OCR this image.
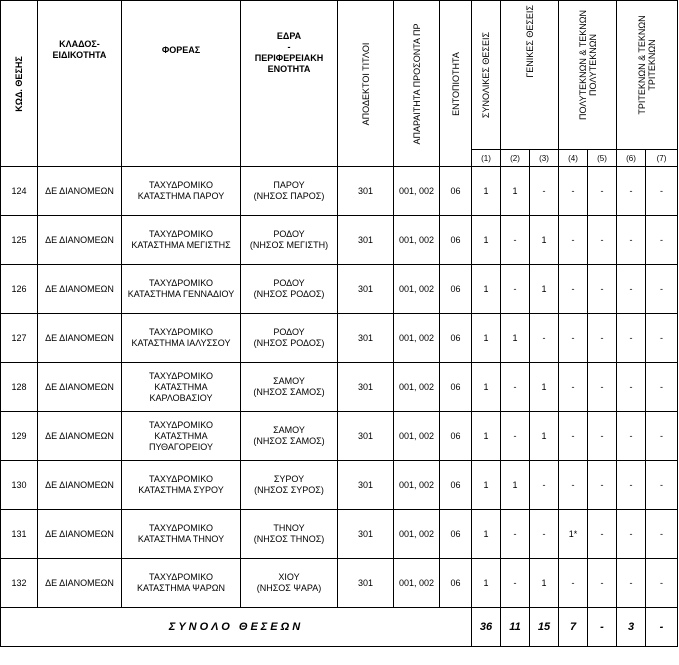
ΚΩΔ. ΘΕΣΗΣ	ΚΛΑΔΟΣ-
ΕΙΔΙΚΟΤΗΤΑ	ΦΟΡΕΑΣ	ΕΔΡΑ
-
ΠΕΡΙΦΕΡΕΙΑΚΗ
ΕΝΟΤΗΤΑ	ΑΠΟΔΕΚΤΟΙ ΤΙΤΛΟΙ	ΑΠΑΡΑΙΤΗΤΑ ΠΡΟΣΟΝΤΑ ΠΡ	ΕΝΤΟΠΙΟΤΗΤΑ	ΣΥΝΟΛΙΚΕΣ ΘΕΣΕΙΣ	ΓΕΝΙΚΕΣ ΘΕΣΕΙΣ		ΠΟΛΥΤΕΚΝΩΝ & ΤΕΚΝΩΝ ΠΟΛΥΤΕΚΝΩΝ		ΤΡΙΤΕΚΝΩΝ & ΤΕΚΝΩΝ ΤΡΙΤΕΚΝΩΝ	

							(1)	(2)	(3)	(4)	(5)	(6)	(7)
124	ΔΕ ΔΙΑΝΟΜΕΩΝ	ΤΑΧΥΔΡΟΜΙΚΟ
ΚΑΤΑΣΤΗΜΑ ΠΑΡΟΥ	ΠΑΡΟΥ
(ΝΗΣΟΣ ΠΑΡΟΣ)	301	001, 002	06	1	1	-	-	-	-	-
125	ΔΕ ΔΙΑΝΟΜΕΩΝ	ΤΑΧΥΔΡΟΜΙΚΟ
ΚΑΤΑΣΤΗΜΑ ΜΕΓΙΣΤΗΣ	ΡΟΔΟΥ
(ΝΗΣΟΣ ΜΕΓΙΣΤΗ)	301	001, 002	06	1	-	1	-	-	-	-
126	ΔΕ ΔΙΑΝΟΜΕΩΝ	ΤΑΧΥΔΡΟΜΙΚΟ
ΚΑΤΑΣΤΗΜΑ ΓΕΝΝΑΔΙΟΥ	ΡΟΔΟΥ
(ΝΗΣΟΣ ΡΟΔΟΣ)	301	001, 002	06	1	-	1	-	-	-	-
127	ΔΕ ΔΙΑΝΟΜΕΩΝ	ΤΑΧΥΔΡΟΜΙΚΟ
ΚΑΤΑΣΤΗΜΑ ΙΑΛΥΣΣΟΥ	ΡΟΔΟΥ
(ΝΗΣΟΣ ΡΟΔΟΣ)	301	001, 002	06	1	1	-	-	-	-	-
128	ΔΕ ΔΙΑΝΟΜΕΩΝ	ΤΑΧΥΔΡΟΜΙΚΟ
ΚΑΤΑΣΤΗΜΑ
ΚΑΡΛΟΒΑΣΙΟΥ	ΣΑΜΟΥ
(ΝΗΣΟΣ ΣΑΜΟΣ)	301	001, 002	06	1	-	1	-	-	-	-
129	ΔΕ ΔΙΑΝΟΜΕΩΝ	ΤΑΧΥΔΡΟΜΙΚΟ
ΚΑΤΑΣΤΗΜΑ
ΠΥΘΑΓΟΡΕΙΟΥ	ΣΑΜΟΥ
(ΝΗΣΟΣ ΣΑΜΟΣ)	301	001, 002	06	1	-	1	-	-	-	-
130	ΔΕ ΔΙΑΝΟΜΕΩΝ	ΤΑΧΥΔΡΟΜΙΚΟ
ΚΑΤΑΣΤΗΜΑ ΣΥΡΟΥ	ΣΥΡΟΥ
(ΝΗΣΟΣ ΣΥΡΟΣ)	301	001, 002	06	1	1	-	-	-	-	-
131	ΔΕ ΔΙΑΝΟΜΕΩΝ	ΤΑΧΥΔΡΟΜΙΚΟ
ΚΑΤΑΣΤΗΜΑ ΤΗΝΟΥ	ΤΗΝΟΥ
(ΝΗΣΟΣ ΤΗΝΟΣ)	301	001, 002	06	1	-	-	1*	-	-	-
132	ΔΕ ΔΙΑΝΟΜΕΩΝ	ΤΑΧΥΔΡΟΜΙΚΟ
ΚΑΤΑΣΤΗΜΑ ΨΑΡΩΝ	ΧΙΟΥ
(ΝΗΣΟΣ ΨΑΡΑ)	301	001, 002	06	1	-	1	-	-	-	-
ΣΥΝΟΛΟ ΘΕΣΕΩΝ							36	11	15	7	-	3	-
